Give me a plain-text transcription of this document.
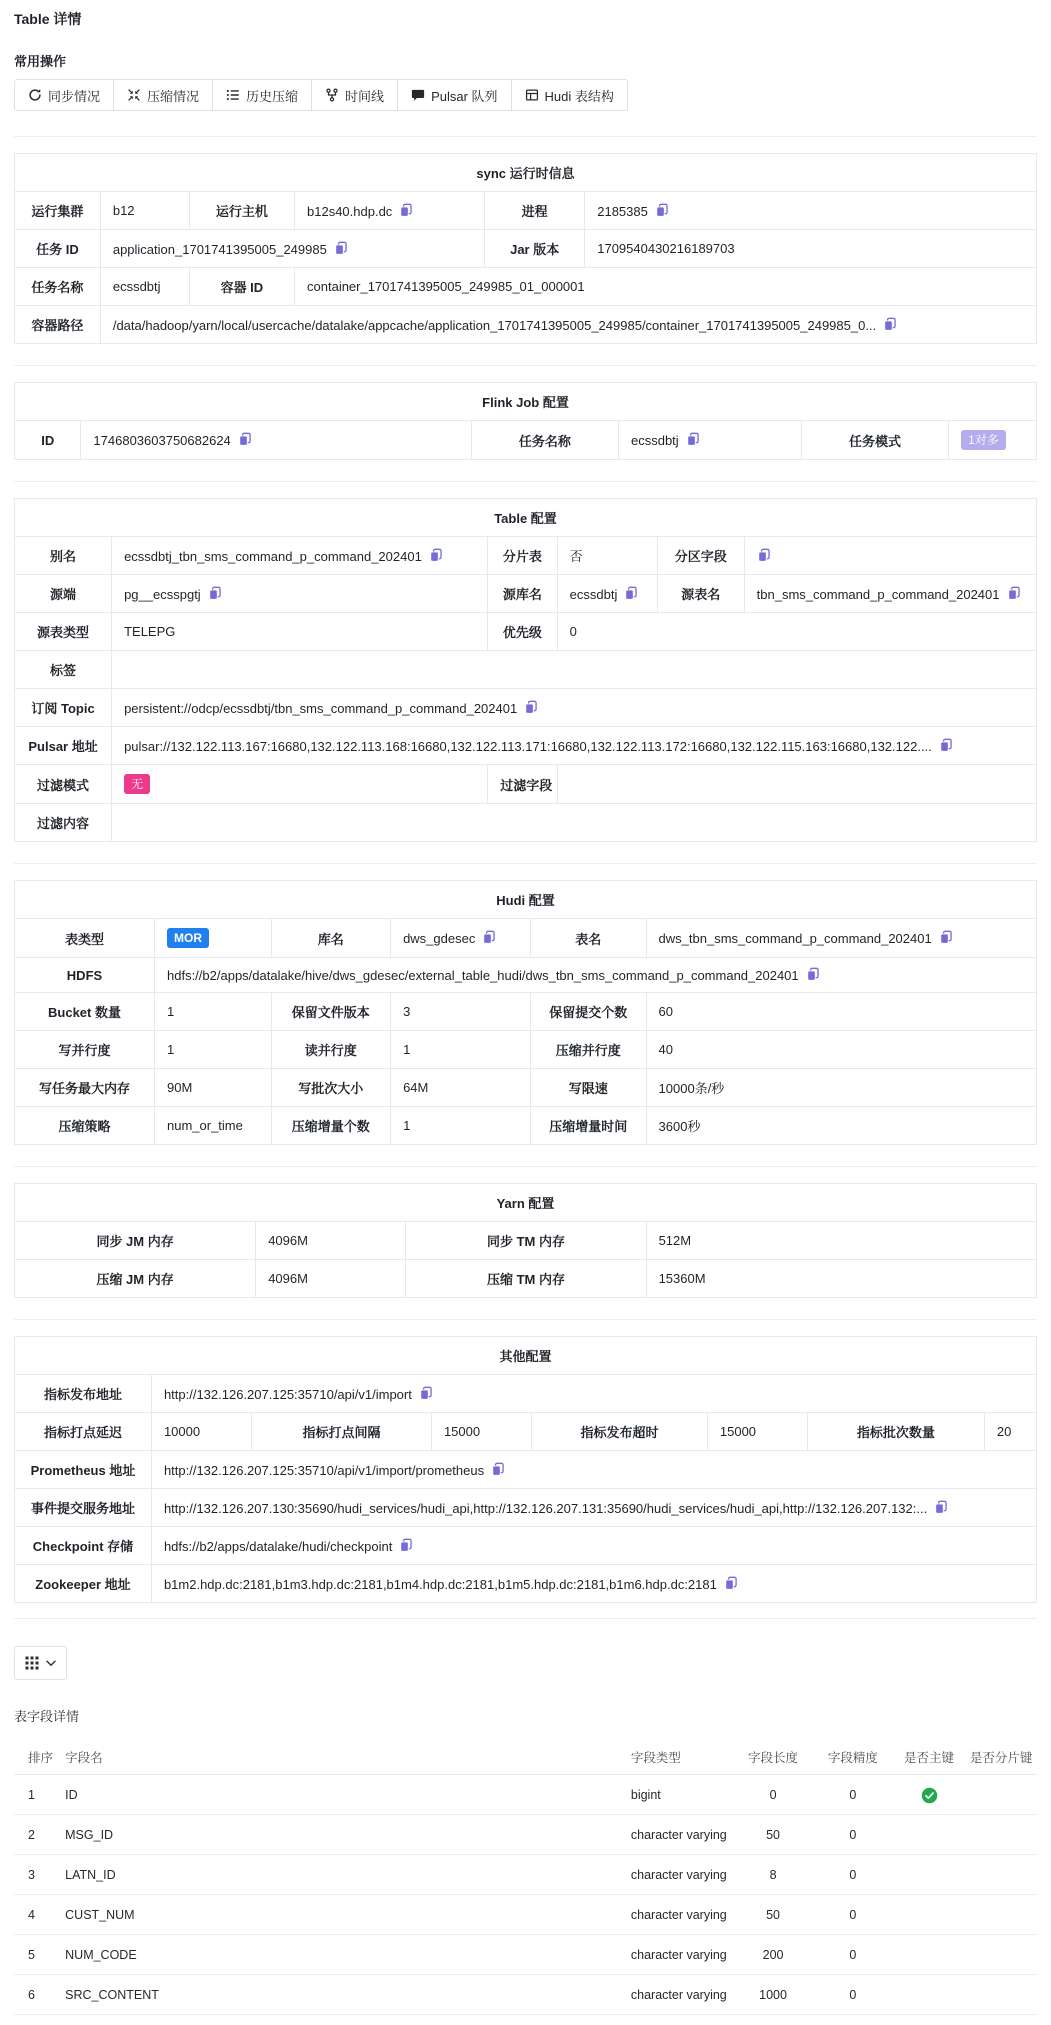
Table 详情
常用操作
同步情况	压缩情况	历史压缩	时间线	Pulsar 队列	Hudi 表结构
sync 运行时信息					
运行集群	b12	运行主机	b12s40.hdp.dc	进程	2185385
任务 ID	application_1701741395005_249985			Jar 版本	1709540430216189703
任务名称	ecssdbtj	容器 ID	container_1701741395005_249985_01_000001		
容器路径	/data/hadoop/yarn/local/usercache/datalake/appcache/application_1701741395005_249985/container_1701741395005_249985_0...				
Flink Job 配置
ID	1746803603750682624	任务名称	ecssdbtj	任务模式	1对多
Table 配置					
别名	ecssdbtj_tbn_sms_command_p_command_202401	分片表	否	分区字段	
源端	pg__ecsspgtj	源库名	ecssdbtj	源表名	tbn_sms_command_p_command_202401
源表类型	TELEPG	优先级	0		
标签					
订阅 Topic	persistent://odcp/ecssdbtj/tbn_sms_command_p_command_202401				
Pulsar 地址	pulsar://132.122.113.167:16680,132.122.113.168:16680,132.122.113.171:16680,132.122.113.172:16680,132.122.115.163:16680,132.122....				
过滤模式	无	过滤字段			
过滤内容					
Hudi 配置					
表类型	MOR	库名	dws_gdesec	表名	dws_tbn_sms_command_p_command_202401
HDFS	hdfs://b2/apps/datalake/hive/dws_gdesec/external_table_hudi/dws_tbn_sms_command_p_command_202401				
Bucket 数量	1	保留文件版本	3	保留提交个数	60
写并行度	1	读并行度	1	压缩并行度	40
写任务最大内存	90M	写批次大小	64M	写限速	10000条/秒
压缩策略	num_or_time	压缩增量个数	1	压缩增量时间	3600秒
Yarn 配置			
同步 JM 内存	4096M	同步 TM 内存	512M
压缩 JM 内存	4096M	压缩 TM 内存	15360M
其他配置							
指标发布地址	http://132.126.207.125:35710/api/v1/import						
指标打点延迟	10000	指标打点间隔	15000	指标发布超时	15000	指标批次数量	20
Prometheus 地址	http://132.126.207.125:35710/api/v1/import/prometheus						
事件提交服务地址	http://132.126.207.130:35690/hudi_services/hudi_api,http://132.126.207.131:35690/hudi_services/hudi_api,http://132.126.207.132:...						
Checkpoint 存储	hdfs://b2/apps/datalake/hudi/checkpoint						
Zookeeper 地址	b1m2.hdp.dc:2181,b1m3.hdp.dc:2181,b1m4.hdp.dc:2181,b1m5.hdp.dc:2181,b1m6.hdp.dc:2181						
表字段详情
排序	字段名	字段类型	字段长度	字段精度	是否主键	是否分片键
1	ID	bigint	0	0		
2	MSG_ID	character varying	50	0		
3	LATN_ID	character varying	8	0		
4	CUST_NUM	character varying	50	0		
5	NUM_CODE	character varying	200	0		
6	SRC_CONTENT	character varying	1000	0		
